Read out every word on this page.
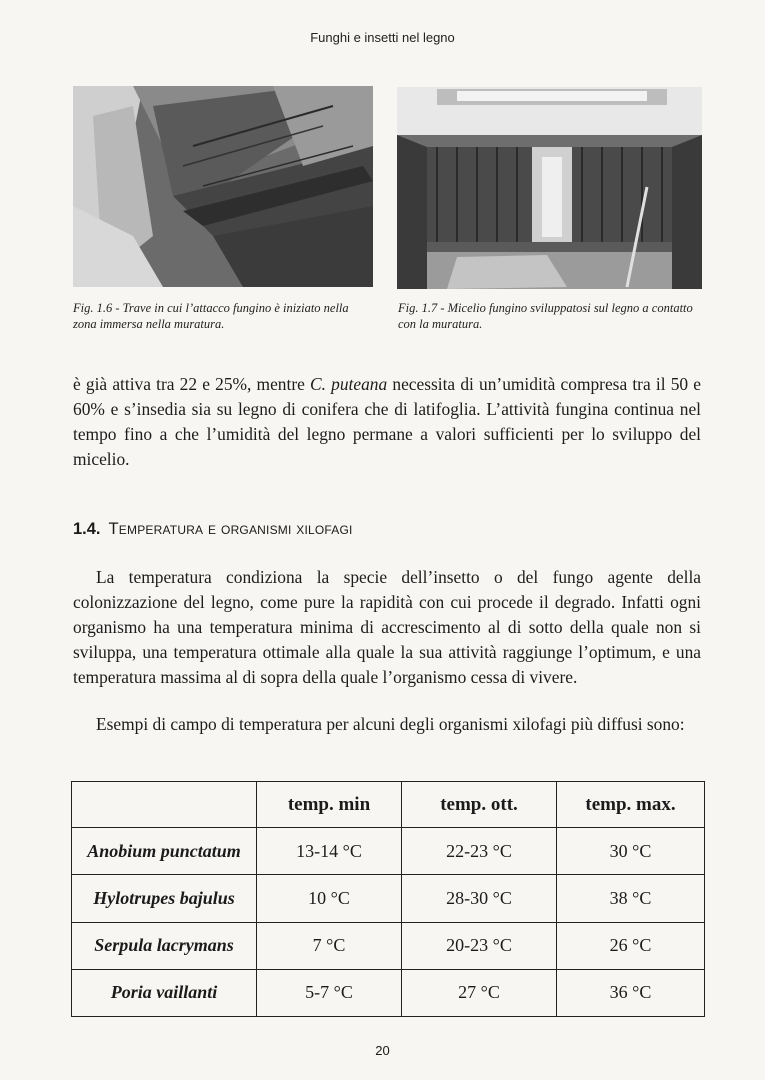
Funghi e insetti nel legno
Fig. 1.6 - Trave in cui l’attacco fungino è iniziato nella zona immersa nella muratura.
Fig. 1.7 - Micelio fungino sviluppatosi sul legno a contatto con la muratura.

è già attiva tra 22 e 25%, mentre C. puteana necessita di un’umidità compresa tra il 50 e 60% e s’insedia sia su legno di conifera che di latifoglia. L’attività fungina continua nel tempo fino a che l’umidità del legno permane a valori sufficienti per lo sviluppo del micelio.

1.4. Temperatura e organismi xilofagi

La temperatura condiziona la specie dell’insetto o del fungo agente della colonizzazione del legno, come pure la rapidità con cui procede il degrado. Infatti ogni organismo ha una temperatura minima di accrescimento al di sotto della quale non si sviluppa, una temperatura ottimale alla quale la sua attività raggiunge l’optimum, e una temperatura massima al di sopra della quale l’organismo cessa di vivere.

Esempi di campo di temperatura per alcuni degli organismi xilofagi più diffusi sono:

	temp. min	temp. ott.	temp. max.
Anobium punctatum	13-14 °C	22-23 °C	30 °C
Hylotrupes bajulus	10 °C	28-30 °C	38 °C
Serpula lacrymans	7 °C	20-23 °C	26 °C
Poria vaillanti	5-7 °C	27 °C	36 °C
20
